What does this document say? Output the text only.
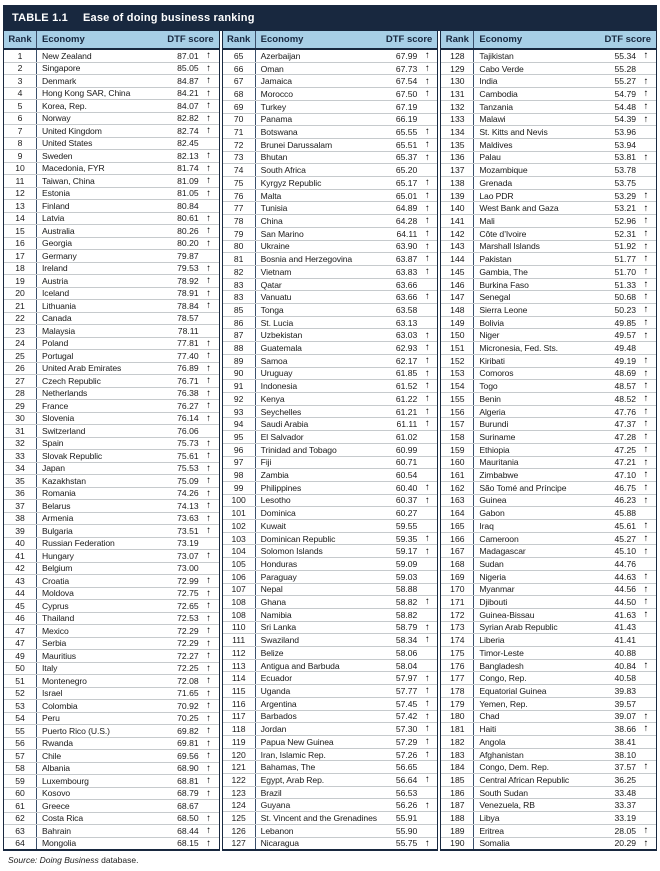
TABLE 1.1 Ease of doing business ranking
Rank	Economy	DTF score
1	New Zealand	87.01 ↑
2	Singapore	85.05 ↑
3	Denmark	84.87 ↑
4	Hong Kong SAR, China	84.21 ↑
5	Korea, Rep.	84.07 ↑
6	Norway	82.82 ↑
7	United Kingdom	82.74 ↑
8	United States	82.45
9	Sweden	82.13 ↑
10	Macedonia, FYR	81.74 ↑
11	Taiwan, China	81.09 ↑
12	Estonia	81.05 ↑
13	Finland	80.84
14	Latvia	80.61 ↑
15	Australia	80.26 ↑
16	Georgia	80.20 ↑
17	Germany	79.87
18	Ireland	79.53 ↑
19	Austria	78.92 ↑
20	Iceland	78.91 ↑
21	Lithuania	78.84 ↑
22	Canada	78.57
23	Malaysia	78.11
24	Poland	77.81 ↑
25	Portugal	77.40 ↑
26	United Arab Emirates	76.89 ↑
27	Czech Republic	76.71 ↑
28	Netherlands	76.38 ↑
29	France	76.27 ↑
30	Slovenia	76.14 ↑
31	Switzerland	76.06
32	Spain	75.73 ↑
33	Slovak Republic	75.61 ↑
34	Japan	75.53 ↑
35	Kazakhstan	75.09 ↑
36	Romania	74.26 ↑
37	Belarus	74.13 ↑
38	Armenia	73.63 ↑
39	Bulgaria	73.51 ↑
40	Russian Federation	73.19
41	Hungary	73.07 ↑
42	Belgium	73.00
43	Croatia	72.99 ↑
44	Moldova	72.75 ↑
45	Cyprus	72.65 ↑
46	Thailand	72.53 ↑
47	Mexico	72.29 ↑
47	Serbia	72.29 ↑
49	Mauritius	72.27 ↑
50	Italy	72.25 ↑
51	Montenegro	72.08 ↑
52	Israel	71.65 ↑
53	Colombia	70.92 ↑
54	Peru	70.25 ↑
55	Puerto Rico (U.S.)	69.82 ↑
56	Rwanda	69.81 ↑
57	Chile	69.56 ↑
58	Albania	68.90 ↑
59	Luxembourg	68.81 ↑
60	Kosovo	68.79 ↑
61	Greece	68.67
62	Costa Rica	68.50 ↑
63	Bahrain	68.44 ↑
64	Mongolia	68.15 ↑
Rank	Economy	DTF score
65	Azerbaijan	67.99 ↑
66	Oman	67.73 ↑
67	Jamaica	67.54 ↑
68	Morocco	67.50 ↑
69	Turkey	67.19
70	Panama	66.19
71	Botswana	65.55 ↑
72	Brunei Darussalam	65.51 ↑
73	Bhutan	65.37 ↑
74	South Africa	65.20
75	Kyrgyz Republic	65.17 ↑
76	Malta	65.01 ↑
77	Tunisia	64.89 ↑
78	China	64.28 ↑
79	San Marino	64.11 ↑
80	Ukraine	63.90 ↑
81	Bosnia and Herzegovina	63.87 ↑
82	Vietnam	63.83 ↑
83	Qatar	63.66
83	Vanuatu	63.66 ↑
85	Tonga	63.58
86	St. Lucia	63.13
87	Uzbekistan	63.03 ↑
88	Guatemala	62.93 ↑
89	Samoa	62.17 ↑
90	Uruguay	61.85 ↑
91	Indonesia	61.52 ↑
92	Kenya	61.22 ↑
93	Seychelles	61.21 ↑
94	Saudi Arabia	61.11 ↑
95	El Salvador	61.02
96	Trinidad and Tobago	60.99
97	Fiji	60.71
98	Zambia	60.54
99	Philippines	60.40 ↑
100	Lesotho	60.37 ↑
101	Dominica	60.27
102	Kuwait	59.55
103	Dominican Republic	59.35 ↑
104	Solomon Islands	59.17 ↑
105	Honduras	59.09
106	Paraguay	59.03
107	Nepal	58.88
108	Ghana	58.82 ↑
108	Namibia	58.82
110	Sri Lanka	58.79 ↑
111	Swaziland	58.34 ↑
112	Belize	58.06
113	Antigua and Barbuda	58.04
114	Ecuador	57.97 ↑
115	Uganda	57.77 ↑
116	Argentina	57.45 ↑
117	Barbados	57.42 ↑
118	Jordan	57.30 ↑
119	Papua New Guinea	57.29 ↑
120	Iran, Islamic Rep.	57.26 ↑
121	Bahamas, The	56.65
122	Egypt, Arab Rep.	56.64 ↑
123	Brazil	56.53
124	Guyana	56.26 ↑
125	St. Vincent and the Grenadines	55.91
126	Lebanon	55.90
127	Nicaragua	55.75 ↑
Rank	Economy	DTF score
128	Tajikistan	55.34 ↑
129	Cabo Verde	55.28
130	India	55.27 ↑
131	Cambodia	54.79 ↑
132	Tanzania	54.48 ↑
133	Malawi	54.39 ↑
134	St. Kitts and Nevis	53.96
135	Maldives	53.94
136	Palau	53.81 ↑
137	Mozambique	53.78
138	Grenada	53.75
139	Lao PDR	53.29 ↑
140	West Bank and Gaza	53.21 ↑
141	Mali	52.96 ↑
142	Côte d’Ivoire	52.31 ↑
143	Marshall Islands	51.92 ↑
144	Pakistan	51.77 ↑
145	Gambia, The	51.70 ↑
146	Burkina Faso	51.33 ↑
147	Senegal	50.68 ↑
148	Sierra Leone	50.23 ↑
149	Bolivia	49.85 ↑
150	Niger	49.57 ↑
151	Micronesia, Fed. Sts.	49.48
152	Kiribati	49.19 ↑
153	Comoros	48.69 ↑
154	Togo	48.57 ↑
155	Benin	48.52 ↑
156	Algeria	47.76 ↑
157	Burundi	47.37 ↑
158	Suriname	47.28 ↑
159	Ethiopia	47.25 ↑
160	Mauritania	47.21 ↑
161	Zimbabwe	47.10 ↑
162	São Tomé and Príncipe	46.75 ↑
163	Guinea	46.23 ↑
164	Gabon	45.88
165	Iraq	45.61 ↑
166	Cameroon	45.27 ↑
167	Madagascar	45.10 ↑
168	Sudan	44.76
169	Nigeria	44.63 ↑
170	Myanmar	44.56 ↑
171	Djibouti	44.50 ↑
172	Guinea-Bissau	41.63 ↑
173	Syrian Arab Republic	41.43
174	Liberia	41.41
175	Timor-Leste	40.88
176	Bangladesh	40.84 ↑
177	Congo, Rep.	40.58
178	Equatorial Guinea	39.83
179	Yemen, Rep.	39.57
180	Chad	39.07 ↑
181	Haiti	38.66 ↑
182	Angola	38.41
183	Afghanistan	38.10
184	Congo, Dem. Rep.	37.57 ↑
185	Central African Republic	36.25
186	South Sudan	33.48
187	Venezuela, RB	33.37
188	Libya	33.19
189	Eritrea	28.05 ↑
190	Somalia	20.29 ↑
Source: Doing Business database.
